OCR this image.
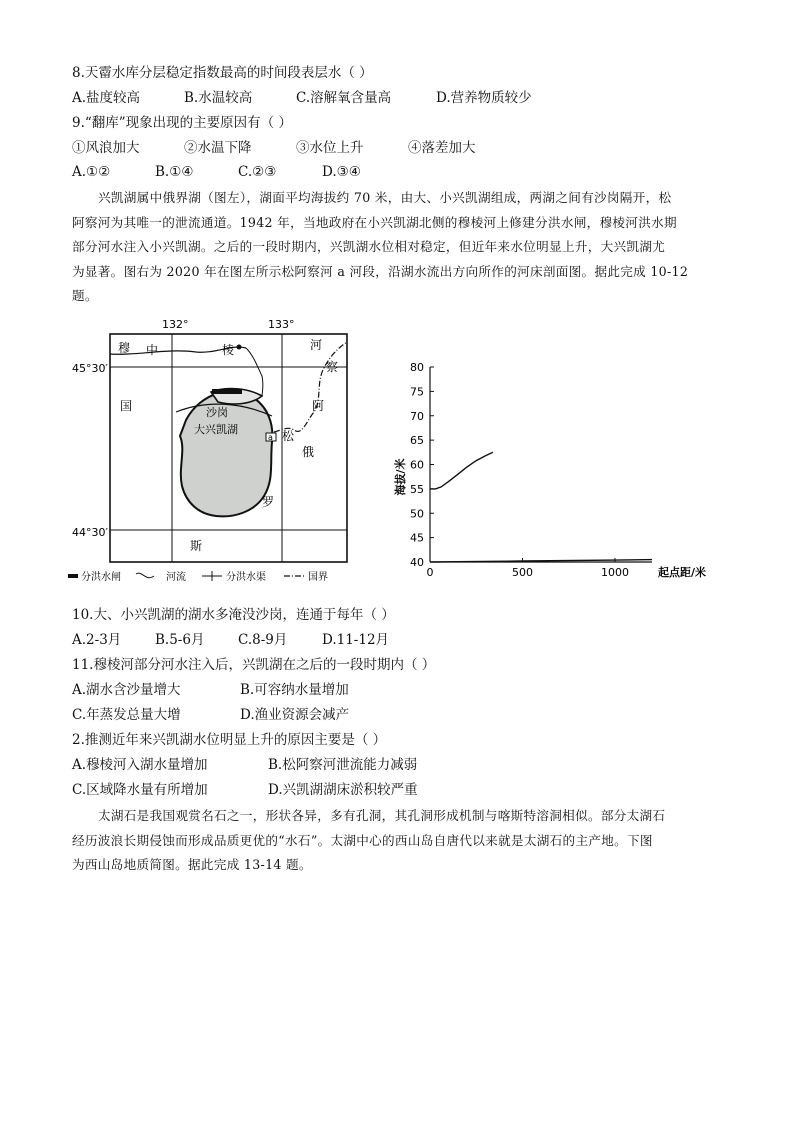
8.天霤水库分层稳定指数最高的时间段表层水（ ）
A.盐度较高	B.水温较高	C.溶解氧含量高	D.营养物质较少
9.“翻库”现象出现的主要原因有（ ）
①风浪加大	②水温下降	③水位上升	④落差加大
A.①②	B.①④	C.②③	D.③④
兴凯湖属中俄界湖（图左），湖面平均海拔约 70 米，由大、小兴凯湖组成，两湖之间有沙岗隔开，松
阿察河为其唯一的泄流通道。1942 年，当地政府在小兴凯湖北侧的穆棱河上修建分洪水闸，穆棱河洪水期
部分河水注入小兴凯湖。之后的一段时期内，兴凯湖水位相对稳定，但近年来水位明显上升，大兴凯湖尤
为显著。图右为 2020 年在图左所示松阿察河 a 河段，沿湖水流出方向所作的河床剖面图。据此完成 10-12
题。
132°	133°
45°30′
44°30′
a
穆 中	棱	河
察
国	阿
松
俄
罗
斯
沙岗
大兴凯湖
分洪水闸	河流	分洪水渠	国界
40
45
50
55
60
65
70
75
80
0	500	1000
海拔/米
起点距/米
10.大、小兴凯湖的湖水多淹没沙岗，连通于每年（ ）
A.2-3月 B.5-6月 C.8-9月	D.11-12月
11.穆棱河部分河水注入后，兴凯湖在之后的一段时期内（ ）
A.湖水含沙量增大	B.可容纳水量增加
C.年蒸发总量大增	D.渔业资源会减产
2.推测近年来兴凯湖水位明显上升的原因主要是（ ）
A.穆棱河入湖水量增加	B.松阿察河泄流能力减弱
C.区域降水量有所增加	D.兴凯湖湖床淤积较严重
太湖石是我国观赏名石之一，形状各异，多有孔洞，其孔洞形成机制与喀斯特溶洞相似。部分太湖石
经历波浪长期侵蚀而形成品质更优的“水石”。太湖中心的西山岛自唐代以来就是太湖石的主产地。下图
为西山岛地质简图。据此完成 13-14 题。
